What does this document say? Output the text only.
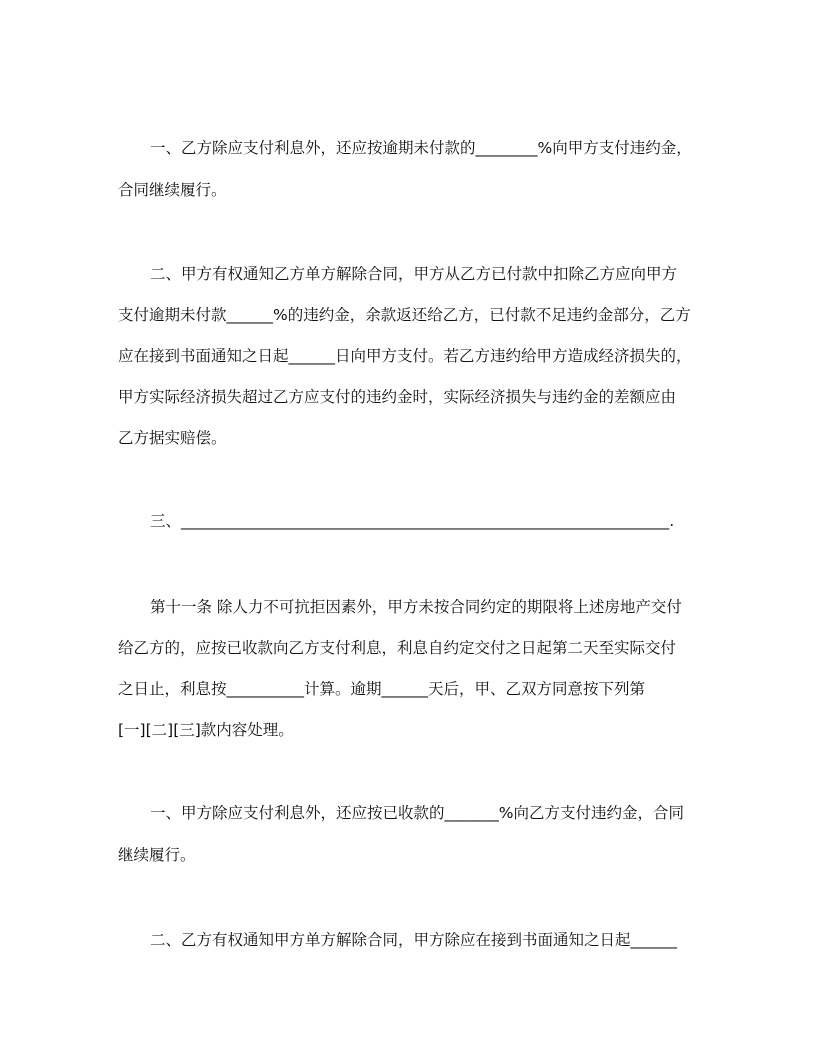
一、乙方除应支付利息外，还应按逾期未付款的________%向甲方支付违约金，
合同继续履行。
二、甲方有权通知乙方单方解除合同，甲方从乙方已付款中扣除乙方应向甲方
支付逾期未付款______%的违约金，余款返还给乙方，已付款不足违约金部分，乙方
应在接到书面通知之日起______日向甲方支付。若乙方违约给甲方造成经济损失的，
甲方实际经济损失超过乙方应支付的违约金时，实际经济损失与违约金的差额应由
乙方据实赔偿。
三、_______________________________________________________________.
第十一条 除人力不可抗拒因素外，甲方未按合同约定的期限将上述房地产交付
给乙方的，应按已收款向乙方支付利息，利息自约定交付之日起第二天至实际交付
之日止，利息按__________计算。逾期______天后，甲、乙双方同意按下列第
[一][二][三]款内容处理。
一、甲方除应支付利息外，还应按已收款的_______%向乙方支付违约金，合同
继续履行。
二、乙方有权通知甲方单方解除合同，甲方除应在接到书面通知之日起______
